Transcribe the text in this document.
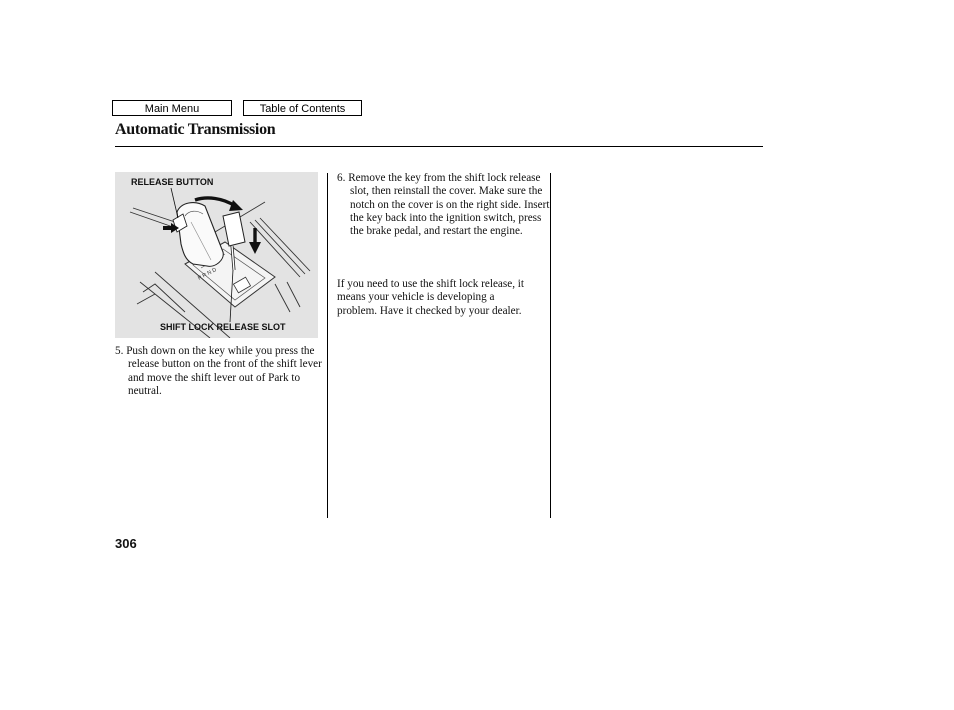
Main Menu	Table of Contents
Automatic Transmission
P R N D
RELEASE BUTTON
SHIFT LOCK RELEASE SLOT

5. Push down on the key while you press the release button on the front of the shift lever and move the shift lever out of Park to neutral.

6. Remove the key from the shift lock release slot, then reinstall the cover. Make sure the notch on the cover is on the right side. Insert the key back into the ignition switch, press the brake pedal, and restart the engine.

If you need to use the shift lock release, it means your vehicle is developing a problem. Have it checked by your dealer.

306
